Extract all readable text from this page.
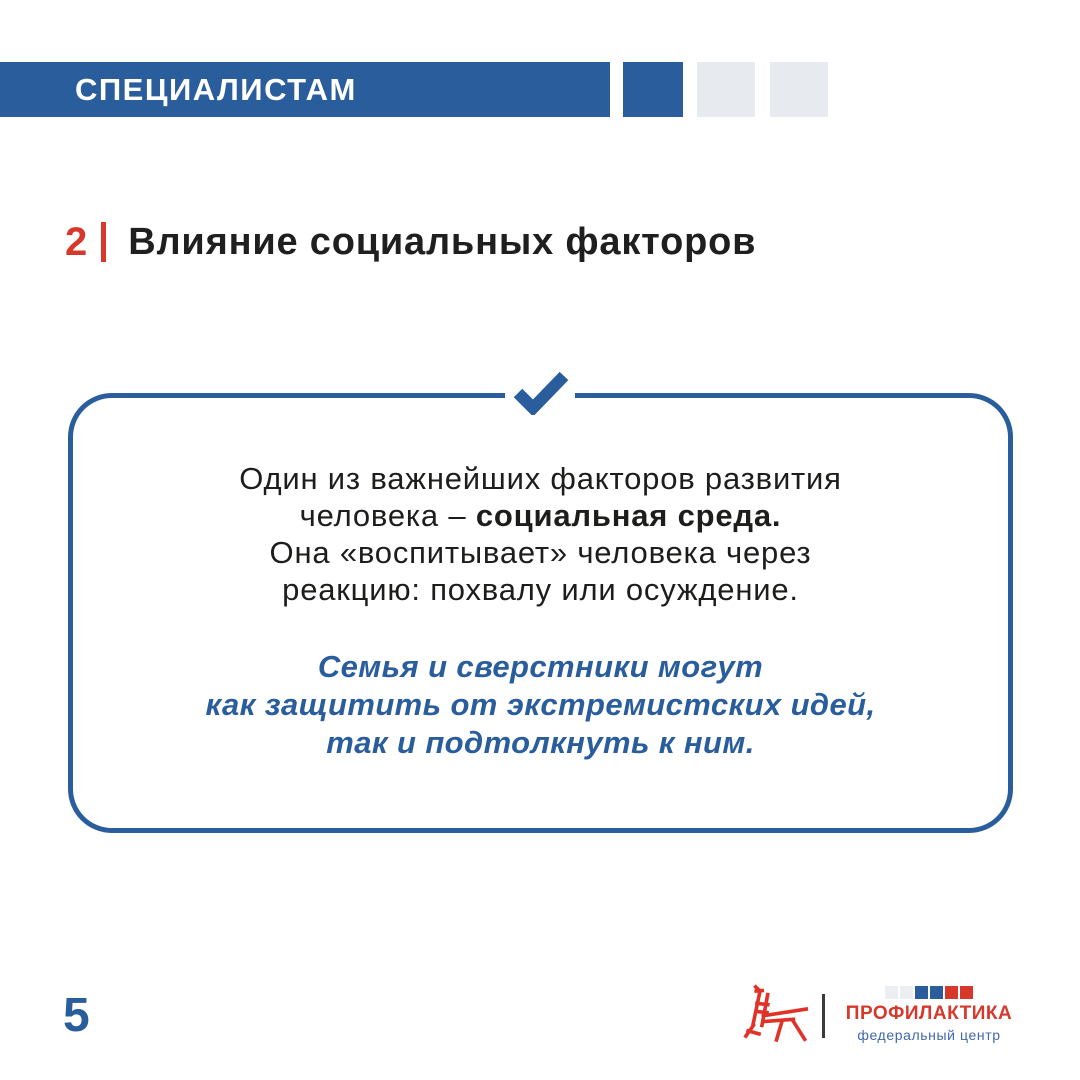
СПЕЦИАЛИСТАМ
2 Влияние социальных факторов
Один из важнейших факторов развития
человека – социальная среда.
Она «воспитывает» человека через
реакцию: похвалу или осуждение.
Семья и сверстники могут
как защитить от экстремистских идей,
так и подтолкнуть к ним.
5	ПРОФИЛАКТИКА
федеральный центр
